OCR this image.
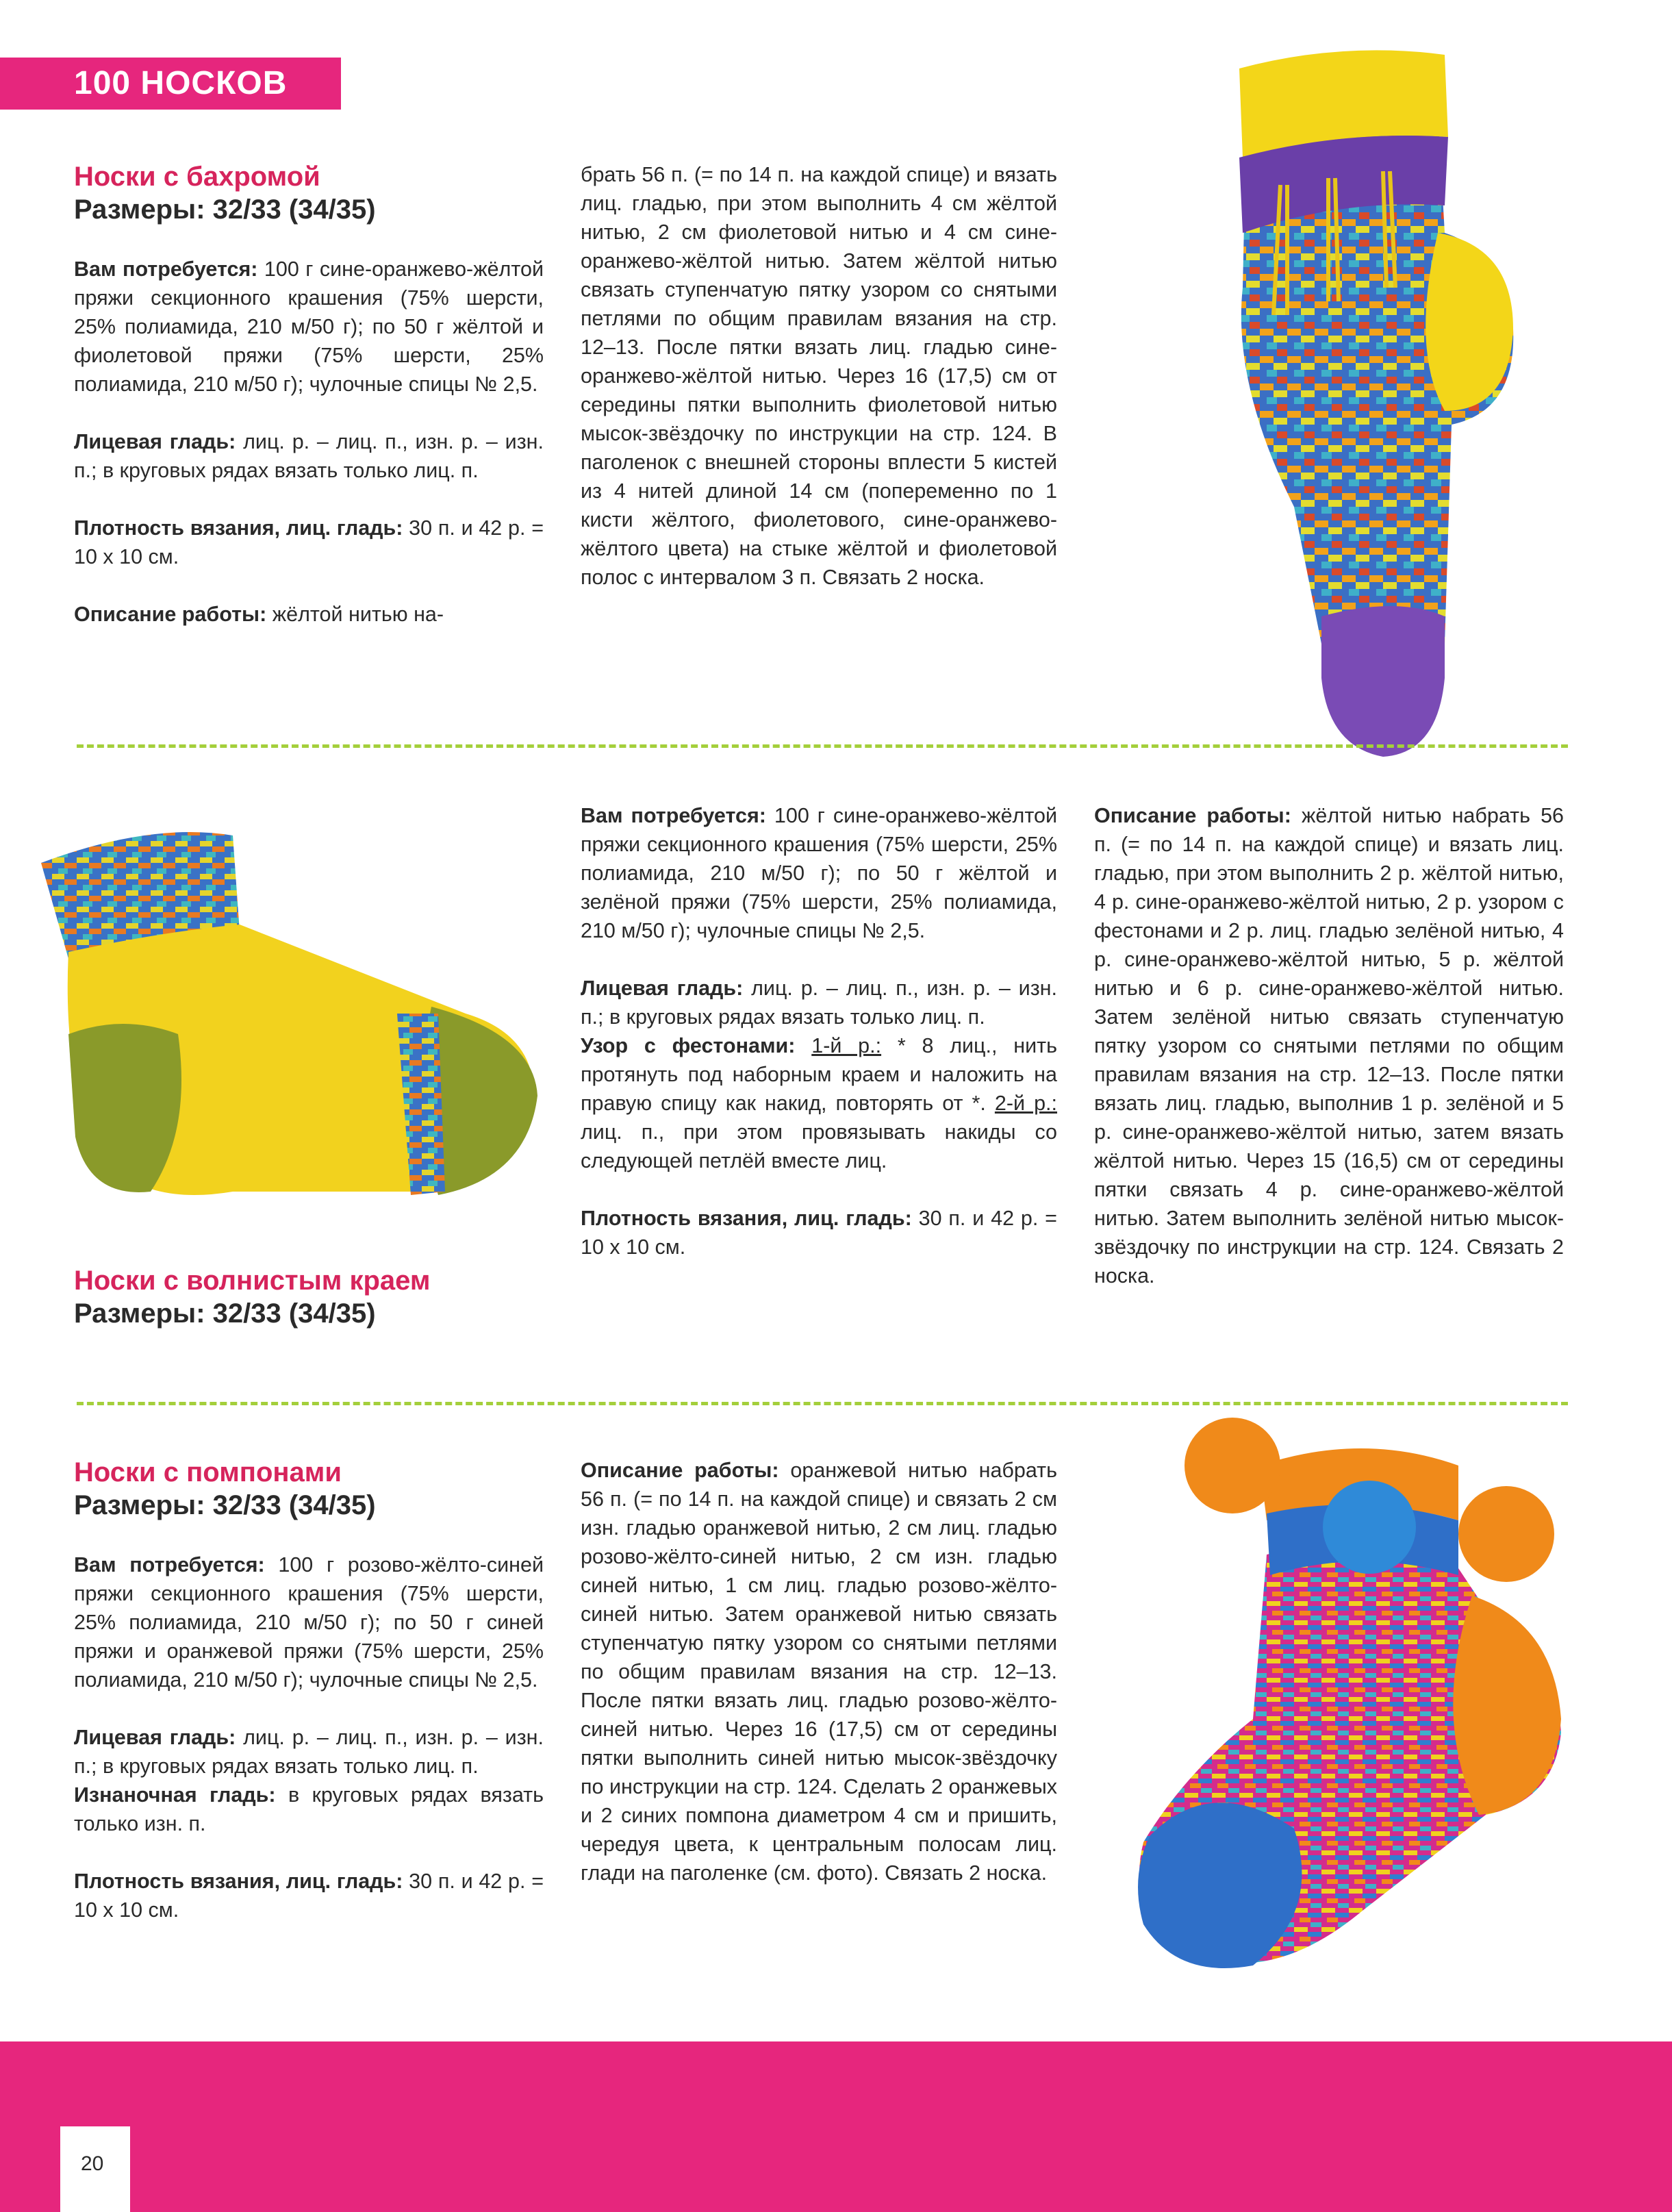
100 НОСКОВ
Носки с бахромой
Размеры: 32/33 (34/35)

Вам потребуется: 100 г сине-оранжево-жёлтой пряжи секционного крашения (75% шерсти, 25% полиамида, 210 м/50 г); по 50 г жёлтой и фиолетовой пряжи (75% шерсти, 25% полиамида, 210 м/50 г); чулочные спицы № 2,5.

Лицевая гладь: лиц. р. – лиц. п., изн. р. – изн. п.; в круговых рядах вязать только лиц. п.

Плотность вязания, лиц. гладь: 30 п. и 42 р. = 10 х 10 см.

Описание работы: жёлтой нитью на-

брать 56 п. (= по 14 п. на каждой спице) и вязать лиц. гладью, при этом выполнить 4 см жёлтой нитью, 2 см фиолетовой нитью и 4 см сине-оранжево-жёлтой нитью. Затем жёлтой нитью связать ступенчатую пятку узором со снятыми петлями по общим правилам вязания на стр. 12–13. После пятки вязать лиц. гладью сине-оранжево-жёлтой нитью. Через 16 (17,5) см от середины пятки выполнить фиолетовой нитью мысок-звёздочку по инструкции на стр. 124. В паголенок с внешней стороны вплести 5 кистей из 4 нитей длиной 14 см (попеременно по 1 кисти жёлтого, фиолетового, сине-оранжево-жёлтого цвета) на стыке жёлтой и фиолетовой полос с интервалом 3 п. Связать 2 носка.

Носки с волнистым краем
Размеры: 32/33 (34/35)

Вам потребуется: 100 г сине-оранжево-жёлтой пряжи секционного крашения (75% шерсти, 25% полиамида, 210 м/50 г); по 50 г жёлтой и зелёной пряжи (75% шерсти, 25% полиамида, 210 м/50 г); чулочные спицы № 2,5.

Лицевая гладь: лиц. р. – лиц. п., изн. р. – изн. п.; в круговых рядах вязать только лиц. п.

Узор с фестонами: 1-й р.: * 8 лиц., нить протянуть под наборным краем и наложить на правую спицу как накид, повторять от *. 2-й р.: лиц. п., при этом провязывать накиды со следующей петлёй вместе лиц.

Плотность вязания, лиц. гладь: 30 п. и 42 р. = 10 х 10 см.

Описание работы: жёлтой нитью набрать 56 п. (= по 14 п. на каждой спице) и вязать лиц. гладью, при этом выполнить 2 р. жёлтой нитью, 4 р. сине-оранжево-жёлтой нитью, 2 р. узором с фестонами и 2 р. лиц. гладью зелёной нитью, 4 р. сине-оранжево-жёлтой нитью, 5 р. жёлтой нитью и 6 р. сине-оранжево-жёлтой нитью. Затем зелёной нитью связать ступенчатую пятку узором со снятыми петлями по общим правилам вязания на стр. 12–13. После пятки вязать лиц. гладью, выполнив 1 р. зелёной и 5 р. сине-оранжево-жёлтой нитью, затем вязать жёлтой нитью. Через 15 (16,5) см от середины пятки связать 4 р. сине-оранжево-жёлтой нитью. Затем выполнить зелёной нитью мысок-звёздочку по инструкции на стр. 124. Связать 2 носка.

Носки с помпонами
Размеры: 32/33 (34/35)

Вам потребуется: 100 г розово-жёлто-синей пряжи секционного крашения (75% шерсти, 25% полиамида, 210 м/50 г); по 50 г синей пряжи и оранжевой пряжи (75% шерсти, 25% полиамида, 210 м/50 г); чулочные спицы № 2,5.

Лицевая гладь: лиц. р. – лиц. п., изн. р. – изн. п.; в круговых рядах вязать только лиц. п.

Изнаночная гладь: в круговых рядах вязать только изн. п.

Плотность вязания, лиц. гладь: 30 п. и 42 р. = 10 х 10 см.

Описание работы: оранжевой нитью набрать 56 п. (= по 14 п. на каждой спице) и связать 2 см изн. гладью оранжевой нитью, 2 см лиц. гладью розово-жёлто-синей нитью, 2 см изн. гладью синей нитью, 1 см лиц. гладью розово-жёлто-синей нитью. Затем оранжевой нитью связать ступенчатую пятку узором со снятыми петлями по общим правилам вязания на стр. 12–13. После пятки вязать лиц. гладью розово-жёлто-синей нитью. Через 16 (17,5) см от середины пятки выполнить синей нитью мысок-звёздочку по инструкции на стр. 124. Сделать 2 оранжевых и 2 синих помпона диаметром 4 см и пришить, чередуя цвета, к центральным полосам лиц. глади на паголенке (см. фото). Связать 2 носка.

20
